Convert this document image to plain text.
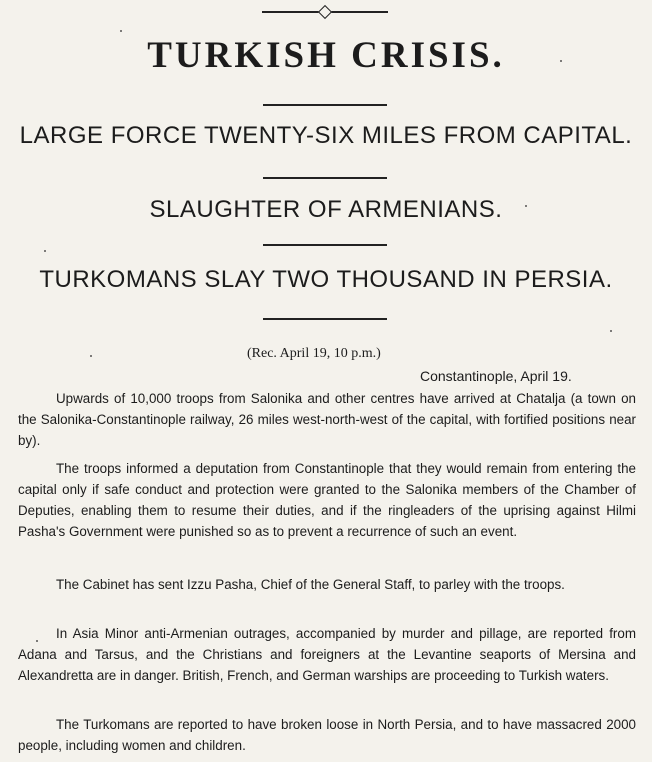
TURKISH CRISIS.
LARGE FORCE TWENTY-SIX MILES FROM CAPITAL.
SLAUGHTER OF ARMENIANS.
TURKOMANS SLAY TWO THOUSAND IN PERSIA.
(Rec. April 19, 10 p.m.)
Constantinople, April 19.

Upwards of 10,000 troops from Salonika and other centres have arrived at Chatalja (a town on the Salonika-Constantinople railway, 26 miles west-north-west of the capital, with fortified positions near by).

The troops informed a deputation from Constantinople that they would remain from entering the capital only if safe conduct and protection were granted to the Salonika members of the Chamber of Deputies, enabling them to resume their duties, and if the ringleaders of the uprising against Hilmi Pasha's Government were punished so as to prevent a recurrence of such an event.

The Cabinet has sent Izzu Pasha, Chief of the General Staff, to parley with the troops.

In Asia Minor anti-Armenian outrages, accompanied by murder and pillage, are reported from Adana and Tarsus, and the Christians and foreigners at the Levantine seaports of Mersina and Alexandretta are in danger. British, French, and German warships are proceeding to Turkish waters.

The Turkomans are reported to have broken loose in North Persia, and to have massacred 2000 people, including women and children.
